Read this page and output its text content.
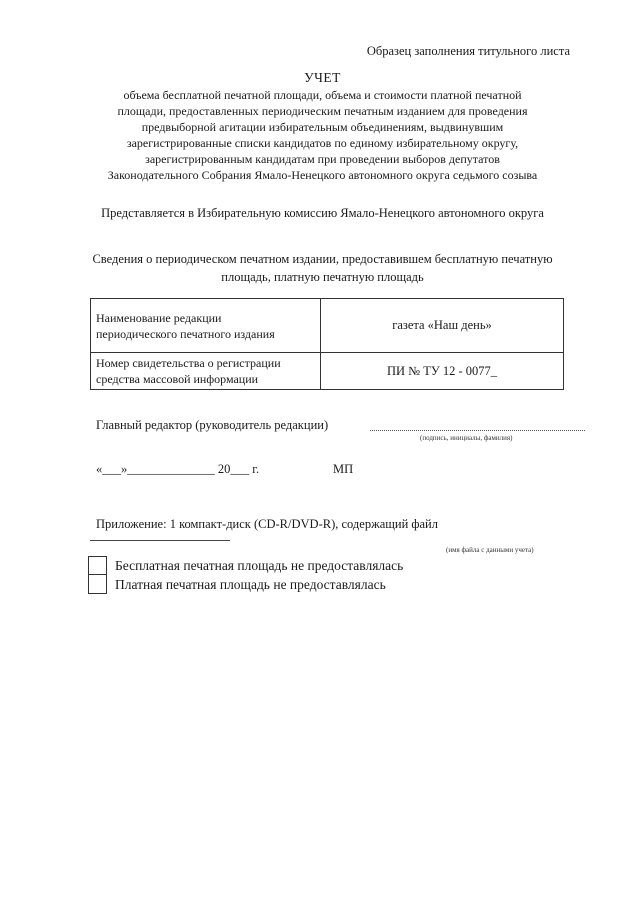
Образец заполнения титульного листа
УЧЕТ
объема бесплатной печатной площади, объема и стоимости платной печатной
площади, предоставленных периодическим печатным изданием для проведения
предвыборной агитации избирательным объединениям, выдвинувшим
зарегистрированные списки кандидатов по единому избирательному округу,
зарегистрированным кандидатам при проведении выборов депутатов
Законодательного Собрания Ямало-Ненецкого автономного округа седьмого созыва
Представляется в Избирательную комиссию Ямало-Ненецкого автономного округа
Сведения о периодическом печатном издании, предоставившем бесплатную печатную
площадь, платную печатную площадь
Наименование редакции
периодического печатного издания	газета «Наш день»

Номер свидетельства о регистрации
средства массовой информации	ПИ № ТУ 12 - 0077_
Главный редактор (руководитель редакции)
(подпись, инициалы, фамилия)
«___»______________ 20___ г.	МП
Приложение: 1 компакт-диск (CD-R/DVD-R), содержащий файл
(имя файла с данными учета)
Бесплатная печатная площадь не предоставлялась
Платная печатная площадь не предоставлялась
